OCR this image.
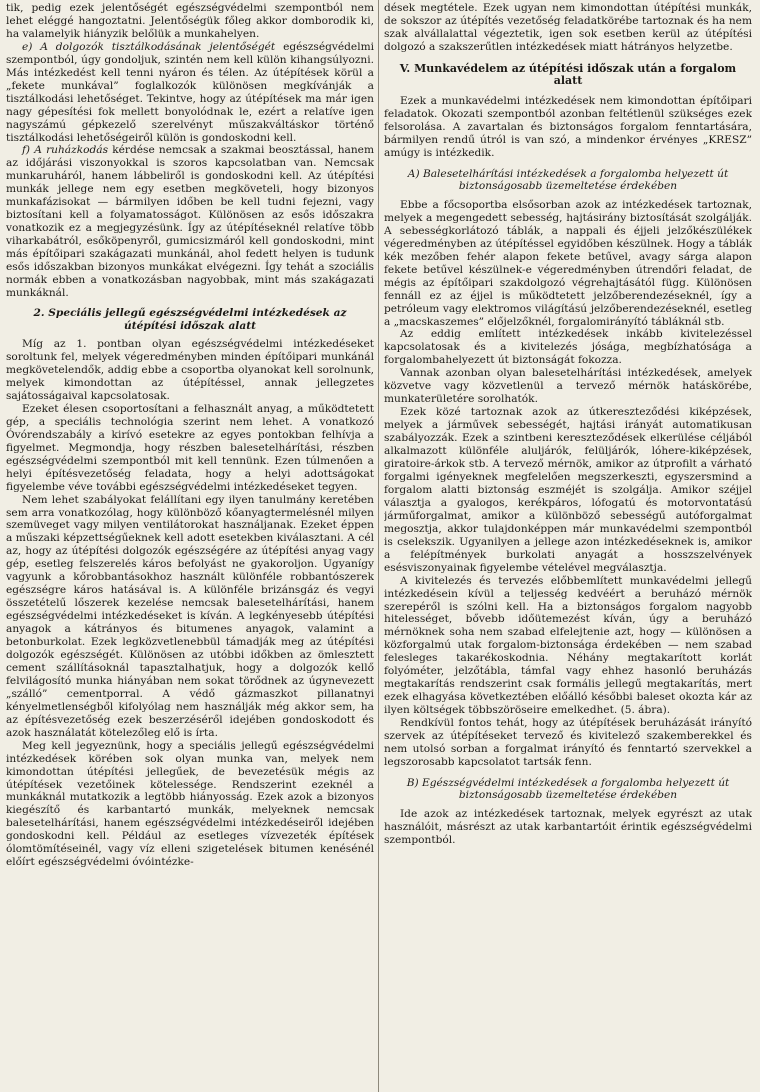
tik, pedig ezek jelentőségét egészségvédelmi szempontból nem lehet eléggé hangoztatni. Jelentőségük főleg akkor domborodik ki, ha valamelyik hiányzik belőlük a munkahelyen.

e) A dolgozók tisztálkodásának jelentőségét egészségvédelmi szempontból, úgy gondoljuk, szintén nem kell külön kihangsúlyozni. Más intézkedést kell tenni nyáron és télen. Az útépítések körül a „fekete munkával” foglalkozók különösen megkívánják a tisztálkodási lehetőséget. Tekintve, hogy az útépítések ma már igen nagy gépesítési fok mellett bonyolódnak le, ezért a relatíve igen nagyszámú gépkezelő szerelvényt műszakváltáskor történő tisztálkodási lehetőségeiről külön is gondoskodni kell.

f) A ruházkodás kérdése nemcsak a szakmai beosztással, hanem az időjárási viszonyokkal is szoros kapcsolatban van. Nemcsak munkaruháról, hanem lábbeliről is gondoskodni kell. Az útépítési munkák jellege nem egy esetben megköveteli, hogy bizonyos munkafázisokat — bármilyen időben be kell tudni fejezni, vagy biztosítani kell a folyamatosságot. Különösen az esős időszakra vonatkozik ez a megjegyzésünk. Így az útépítéseknél relatíve több viharkabátról, esőköpenyről, gumicsizmáról kell gondoskodni, mint más építőipari szakágazati munkánál, ahol fedett helyen is tudunk esős időszakban bizonyos munkákat elvégezni. Így tehát a szociális normák ebben a vonatkozásban nagyobbak, mint más szakágazati munkáknál.

2. Speciális jellegű egészségvédelmi intézkedések az útépítési időszak alatt

Míg az 1. pontban olyan egészségvédelmi intézkedéseket soroltunk fel, melyek végeredményben minden építőipari munkánál megkövetelendők, addig ebbe a csoportba olyanokat kell sorolnunk, melyek kimondottan az útépítéssel, annak jellegzetes sajátosságaival kapcsolatosak.

Ezeket élesen csoportosítani a felhasznált anyag, a működtetett gép, a speciális technológia szerint nem lehet. A vonatkozó Óvórendszabály a kirívó esetekre az egyes pontokban felhívja a figyelmet. Megmondja, hogy részben balesetelhárítási, részben egészségvédelmi szempontból mit kell tennünk. Ezen túlmenően a helyi építésvezetőség feladata, hogy a helyi adottságokat figyelembe véve további egészségvédelmi intézkedéseket tegyen.

Nem lehet szabályokat felállítani egy ilyen tanulmány keretében sem arra vonatkozólag, hogy különböző kőanyagtermelésnél milyen szemüveget vagy milyen ventilátorokat használjanak. Ezeket éppen a műszaki képzettségűeknek kell adott esetekben kiválasztani. A cél az, hogy az útépítési dolgozók egészségére az útépítési anyag vagy gép, esetleg felszerelés káros befolyást ne gyakoroljon. Ugyanígy vagyunk a kőrobbantásokhoz használt különféle robbantószerek egészségre káros hatásával is. A különféle brizánsgáz és vegyi összetételű lőszerek kezelése nemcsak balesetelhárítási, hanem egészségvédelmi intézkedéseket is kíván. A legkényesebb útépítési anyagok a kátrányos és bitumenes anyagok, valamint a betonburkolat. Ezek legközvetlenebbül támadják meg az útépítési dolgozók egészségét. Különösen az utóbbi időkben az ömlesztett cement szállításoknál tapasztalhatjuk, hogy a dolgozók kellő felvilágosító munka hiányában nem sokat törődnek az úgynevezett „szálló” cementporral. A védő gázmaszkot pillanatnyi kényelmetlenségből kifolyólag nem használják még akkor sem, ha az építésvezetőség ezek beszerzéséről idejében gondoskodott és azok használatát kötelezőleg elő is írta.

Meg kell jegyeznünk, hogy a speciális jellegű egészségvédelmi intézkedések körében sok olyan munka van, melyek nem kimondottan útépítési jellegűek, de bevezetésük mégis az útépítések vezetőinek kötelessége. Rendszerint ezeknél a munkáknál mutatkozik a legtöbb hiányosság. Ezek azok a bizonyos kiegészítő és karbantartó munkák, melyeknek nemcsak balesetelhárítási, hanem egészségvédelmi intézkedéseiről idejében gondoskodni kell. Például az esetleges vízvezeték építések ólomtömítéseinél, vagy víz elleni szigetelések bitumen kenésénél előírt egészségvédelmi óvóintézke-

dések megtétele. Ezek ugyan nem kimondottan útépítési munkák, de sokszor az útépítés vezetőség feladatkörébe tartoznak és ha nem szak alvállalattal végeztetik, igen sok esetben kerül az útépítési dolgozó a szakszerűtlen intézkedések miatt hátrányos helyzetbe.

V. Munkavédelem az útépítési időszak után a forgalom alatt

Ezek a munkavédelmi intézkedések nem kimondottan építőipari feladatok. Okozati szempontból azonban feltétlenül szükséges ezek felsorolása. A zavartalan és biztonságos forgalom fenntartására, bármilyen rendű útról is van szó, a mindenkor érvényes „KRESZ” amúgy is intézkedik.

A) Balesetelhárítási intézkedések a forgalomba helyezett út biztonságosabb üzemeltetése érdekében

Ebbe a főcsoportba elsősorban azok az intézkedések tartoznak, melyek a megengedett sebesség, hajtásirány biztosítását szolgálják. A sebességkorlátozó táblák, a nappali és éjjeli jelzőkészülékek végeredményben az útépítéssel egyidőben készülnek. Hogy a táblák kék mezőben fehér alapon fekete betűvel, avagy sárga alapon fekete betűvel készülnek-e végeredményben útrendőri feladat, de mégis az építőipari szakdolgozó végrehajtásától függ. Különösen fennáll ez az éjjel is működtetett jelzőberendezéseknél, így a petróleum vagy elektromos világítású jelzőberendezéseknél, esetleg a „macskaszemes” előjelzőknél, forgalomirányító tábláknál stb.

Az eddig említett intézkedések inkább kivitelezéssel kapcsolatosak és a kivitelezés jósága, megbízhatósága a forgalombahelyezett út biztonságát fokozza.

Vannak azonban olyan balesetelhárítási intézkedések, amelyek közvetve vagy közvetlenül a tervező mérnök hatáskörébe, munkaterületére sorolhatók.

Ezek közé tartoznak azok az útkereszteződési kiképzések, melyek a járművek sebességét, hajtási irányát automatikusan szabályozzák. Ezek a szintbeni kereszteződések elkerülése céljából alkalmazott különféle aluljárók, felüljárók, lóhere-kiképzések, giratoire-árkok stb. A tervező mérnök, amikor az útprofilt a várható forgalmi igényeknek megfelelően megszerkeszti, egyszersmind a forgalom alatti biztonság eszméjét is szolgálja. Amikor széjjel választja a gyalogos, kerékpáros, lófogatú és motorvontatású járműforgalmat, amikor a különböző sebességű autóforgalmat megosztja, akkor tulajdonképpen már munkavédelmi szempontból is cselekszik. Ugyanilyen a jellege azon intézkedéseknek is, amikor a felépítmények burkolati anyagát a hosszszelvények esésviszonyainak figyelembe vételével megválasztja.

A kivitelezés és tervezés előbbemlített munkavédelmi jellegű intézkedésein kívül a teljesség kedvéért a beruházó mérnök szerepéről is szólni kell. Ha a biztonságos forgalom nagyobb hitelességet, bővebb időütemezést kíván, úgy a beruházó mérnöknek soha nem szabad elfelejtenie azt, hogy — különösen a közforgalmú utak forgalom-biztonsága érdekében — nem szabad felesleges takarékoskodnia. Néhány megtakarított korlát folyóméter, jelzőtábla, támfal vagy ehhez hasonló beruházás megtakarítás rendszerint csak formális jellegű megtakarítás, mert ezek elhagyása következtében előálló későbbi baleset okozta kár az ilyen költségek többszöröseire emelkedhet. (5. ábra).

Rendkívül fontos tehát, hogy az útépítések beruházását irányító szervek az útépítéseket tervező és kivitelező szakemberekkel és nem utolsó sorban a forgalmat irányító és fenntartó szervekkel a legszorosabb kapcsolatot tartsák fenn.

B) Egészségvédelmi intézkedések a forgalomba helyezett út biztonságosabb üzemeltetése érdekében

Ide azok az intézkedések tartoznak, melyek egyrészt az utak használóit, másrészt az utak karbantartóit érintik egészségvédelmi szempontból.
